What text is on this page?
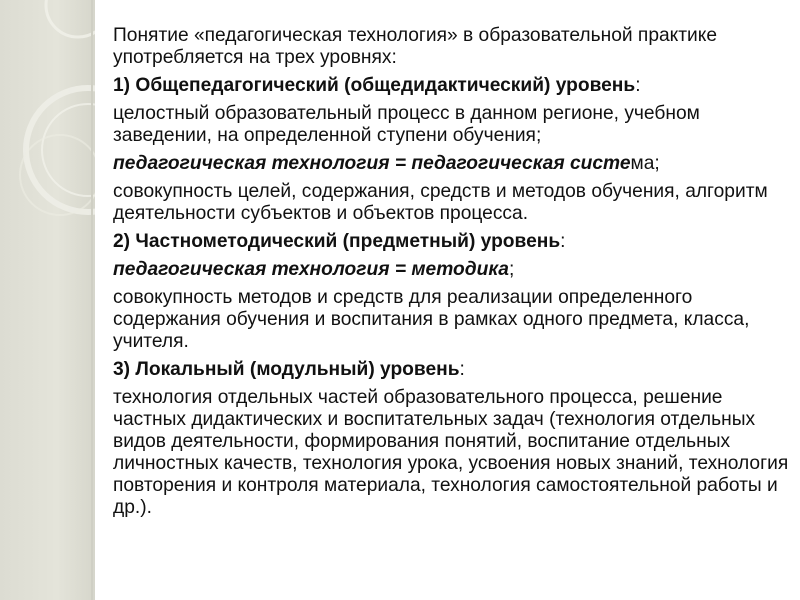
Понятие «педагогическая технология» в образовательной практике употребляется на трех уровнях:

1) Общепедагогический (общедидактический) уровень:

целостный образовательный процесс в данном регионе, учебном заведении, на определенной ступени обучения;

педагогическая технология = педагогическая система;

совокупность целей, содержания, средств и методов обучения, алгоритм деятельности субъектов и объектов процесса.

2) Частнометодический (предметный) уровень:

педагогическая технология = методика;

совокупность методов и средств для реализации определенного содержания обучения и воспитания в рамках одного предмета, класса, учителя.

3) Локальный (модульный) уровень:

технология отдельных частей образовательного процесса, решение частных дидактических и воспитательных задач (технология отдельных видов деятельности, формирования понятий, воспитание отдельных личностных качеств, технология урока, усвоения новых знаний, технология повторения и контроля материала, технология самостоятельной работы и др.).
